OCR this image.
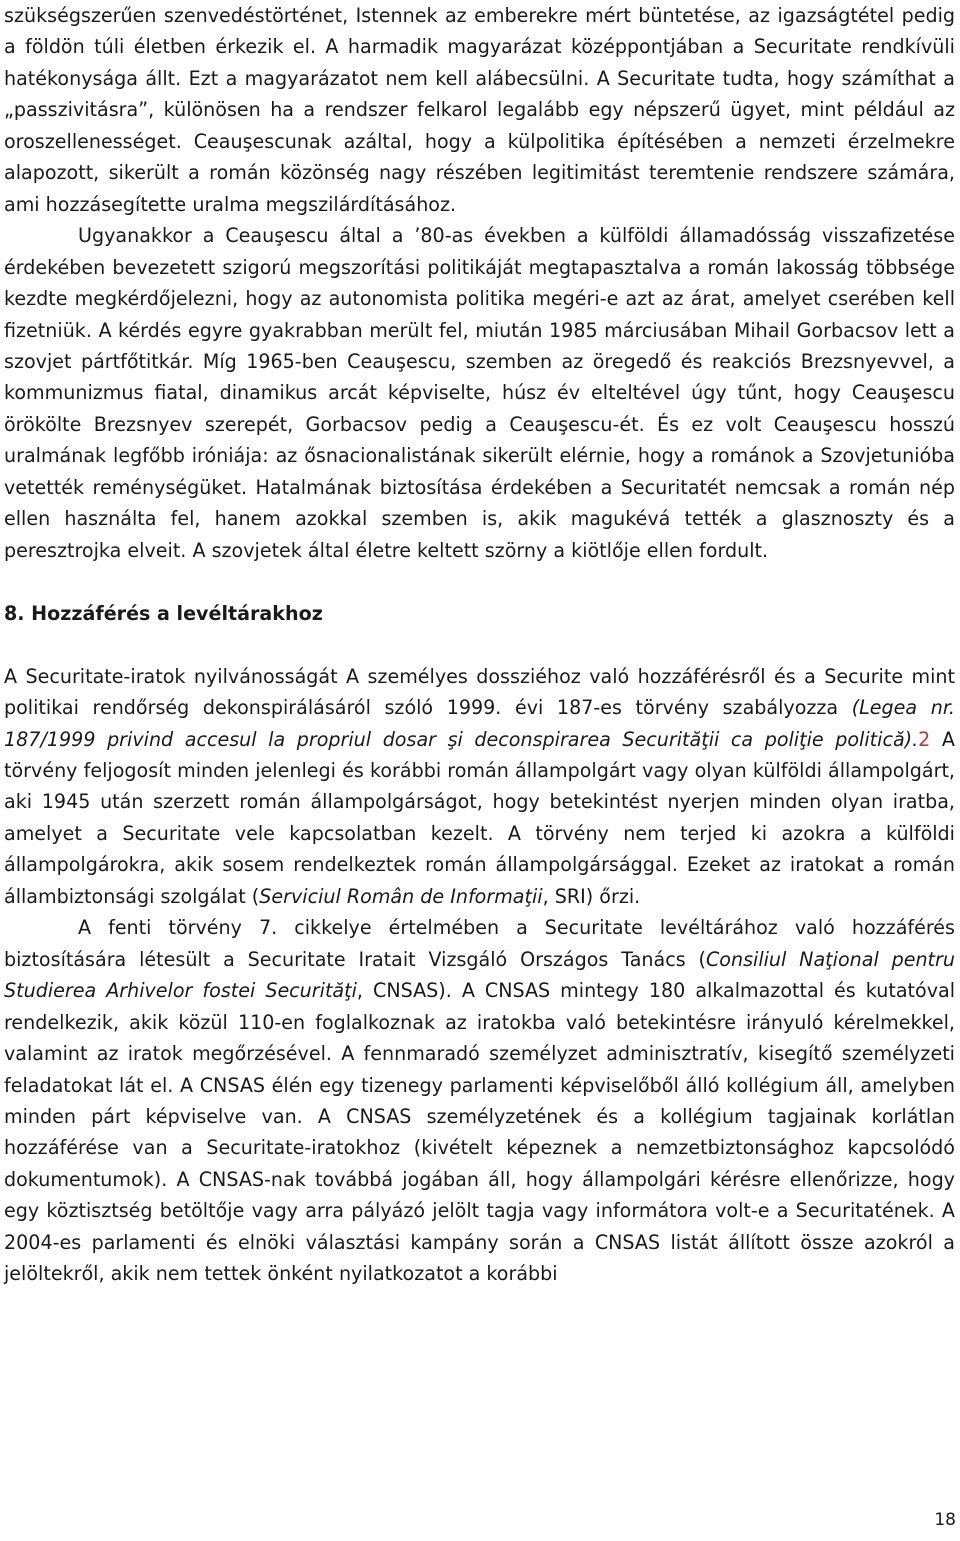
szükségszerűen szenvedéstörténet, Istennek az emberekre mért büntetése, az igazságtétel pedig a földön túli életben érkezik el. A harmadik magyarázat középpontjában a Securitate rendkívüli hatékonysága állt. Ezt a magyarázatot nem kell alábecsülni. A Securitate tudta, hogy számíthat a „passzivitásra”, különösen ha a rendszer felkarol legalább egy népszerű ügyet, mint például az oroszellenességet. Ceauşescunak azáltal, hogy a külpolitika építésében a nemzeti érzelmekre alapozott, sikerült a román közönség nagy részében legitimitást teremtenie rendszere számára, ami hozzásegítette uralma megszilárdításához.

Ugyanakkor a Ceauşescu által a ’80-as években a külföldi államadósság visszafizetése érdekében bevezetett szigorú megszorítási politikáját megtapasztalva a román lakosság többsége kezdte megkérdőjelezni, hogy az autonomista politika megéri-e azt az árat, amelyet cserében kell fizetniük. A kérdés egyre gyakrabban merült fel, miután 1985 márciusában Mihail Gorbacsov lett a szovjet pártfőtitkár. Míg 1965-ben Ceauşescu, szemben az öregedő és reakciós Brezsnyevvel, a kommunizmus fiatal, dinamikus arcát képviselte, húsz év elteltével úgy tűnt, hogy Ceauşescu örökölte Brezsnyev szerepét, Gorbacsov pedig a Ceauşescu-ét. És ez volt Ceauşescu hosszú uralmának legfőbb iróniája: az ősnacionalistának sikerült elérnie, hogy a románok a Szovjetunióba vetették reménységüket. Hatalmának biztosítása érdekében a Securitatét nemcsak a román nép ellen használta fel, hanem azokkal szemben is, akik magukévá tették a glasznoszty és a peresztrojka elveit. A szovjetek által életre keltett szörny a kiötlője ellen fordult.

8. Hozzáférés a levéltárakhoz

A Securitate-iratok nyilvánosságát A személyes dossziéhoz való hozzáférésről és a Securite mint politikai rendőrség dekonspirálásáról szóló 1999. évi 187-es törvény szabályozza (Legea nr. 187/1999 privind accesul la propriul dosar şi deconspirarea Securităţii ca poliţie politică).2 A törvény feljogosít minden jelenlegi és korábbi román állampolgárt vagy olyan külföldi állampolgárt, aki 1945 után szerzett román állampolgárságot, hogy betekintést nyerjen minden olyan iratba, amelyet a Securitate vele kapcsolatban kezelt. A törvény nem terjed ki azokra a külföldi állampolgárokra, akik sosem rendelkeztek román állampolgársággal. Ezeket az iratokat a román állambiztonsági szolgálat (Serviciul Român de Informaţii, SRI) őrzi.

A fenti törvény 7. cikkelye értelmében a Securitate levéltárához való hozzáférés biztosítására létesült a Securitate Iratait Vizsgáló Országos Tanács (Consiliul Naţional pentru Studierea Arhivelor fostei Securităţi, CNSAS). A CNSAS mintegy 180 alkalmazottal és kutatóval rendelkezik, akik közül 110-en foglalkoznak az iratokba való betekintésre irányuló kérelmekkel, valamint az iratok megőrzésével. A fennmaradó személyzet adminisztratív, kisegítő személyzeti feladatokat lát el. A CNSAS élén egy tizenegy parlamenti képviselőből álló kollégium áll, amelyben minden párt képviselve van. A CNSAS személyzetének és a kollégium tagjainak korlátlan hozzáférése van a Securitate-iratokhoz (kivételt képeznek a nemzetbiztonsághoz kapcsolódó dokumentumok). A CNSAS-nak továbbá jogában áll, hogy állampolgári kérésre ellenőrizze, hogy egy köztisztség betöltője vagy arra pályázó jelölt tagja vagy informátora volt-e a Securitatének. A 2004-es parlamenti és elnöki választási kampány során a CNSAS listát állított össze azokról a jelöltekről, akik nem tettek önként nyilatkozatot a korábbi

18
